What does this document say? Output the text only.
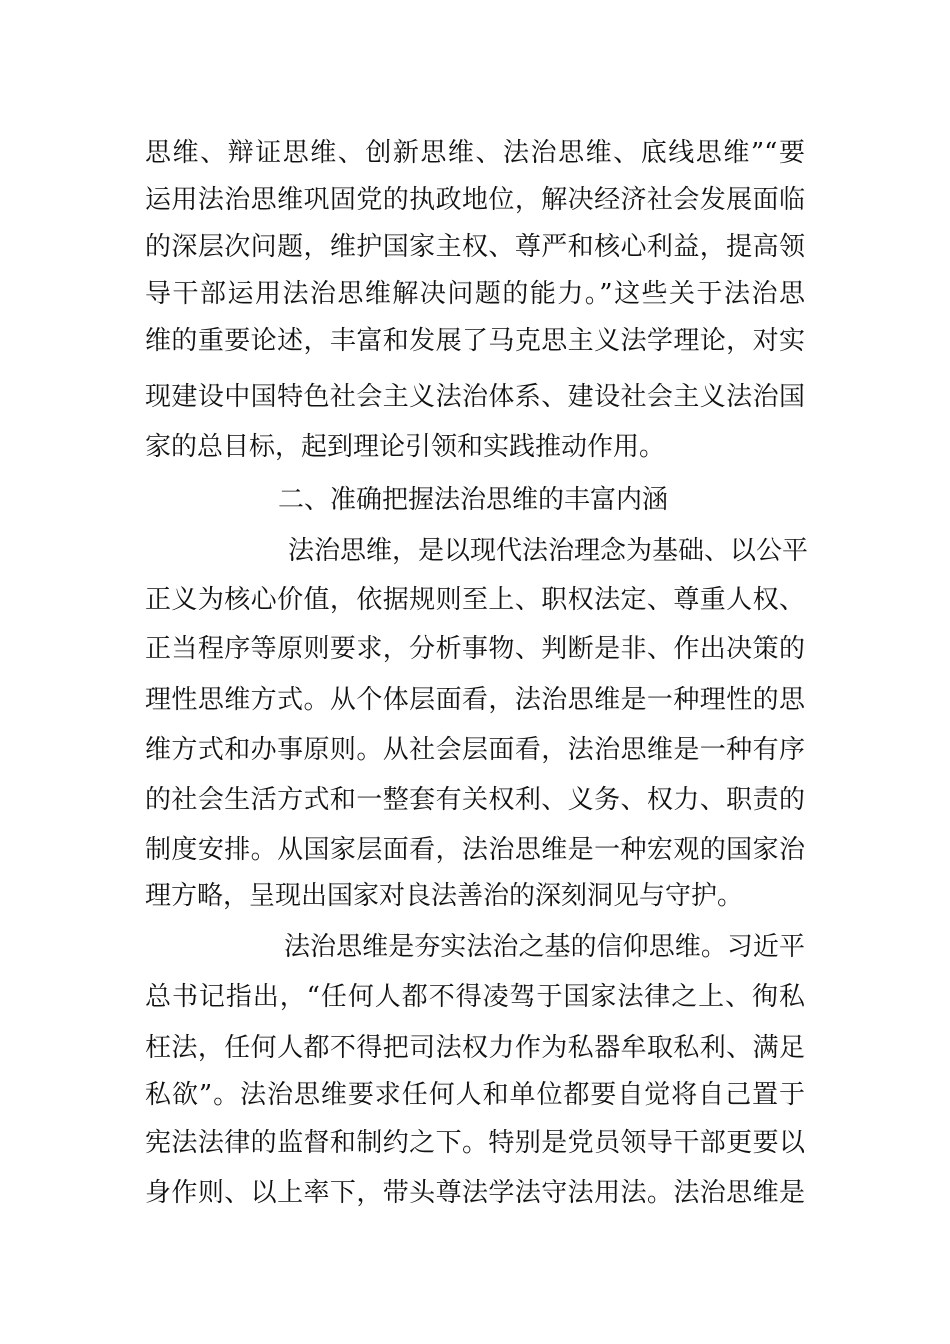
思维、辩证思维、创新思维、法治思维、底线思维”“要
运用法治思维巩固党的执政地位，解决经济社会发展面临
的深层次问题，维护国家主权、尊严和核心利益，提高领
导干部运用法治思维解决问题的能力。”这些关于法治思
维的重要论述，丰富和发展了马克思主义法学理论，对实
现建设中国特色社会主义法治体系、建设社会主义法治国
家的总目标，起到理论引领和实践推动作用。
二、准确把握法治思维的丰富内涵
法治思维，是以现代法治理念为基础、以公平
正义为核心价值，依据规则至上、职权法定、尊重人权、
正当程序等原则要求，分析事物、判断是非、作出决策的
理性思维方式。从个体层面看，法治思维是一种理性的思
维方式和办事原则。从社会层面看，法治思维是一种有序
的社会生活方式和一整套有关权利、义务、权力、职责的
制度安排。从国家层面看，法治思维是一种宏观的国家治
理方略，呈现出国家对良法善治的深刻洞见与守护。
法治思维是夯实法治之基的信仰思维。习近平
总书记指出，“任何人都不得凌驾于国家法律之上、徇私
枉法，任何人都不得把司法权力作为私器牟取私利、满足
私欲”。法治思维要求任何人和单位都要自觉将自己置于
宪法法律的监督和制约之下。特别是党员领导干部更要以
身作则、以上率下，带头尊法学法守法用法。法治思维是
